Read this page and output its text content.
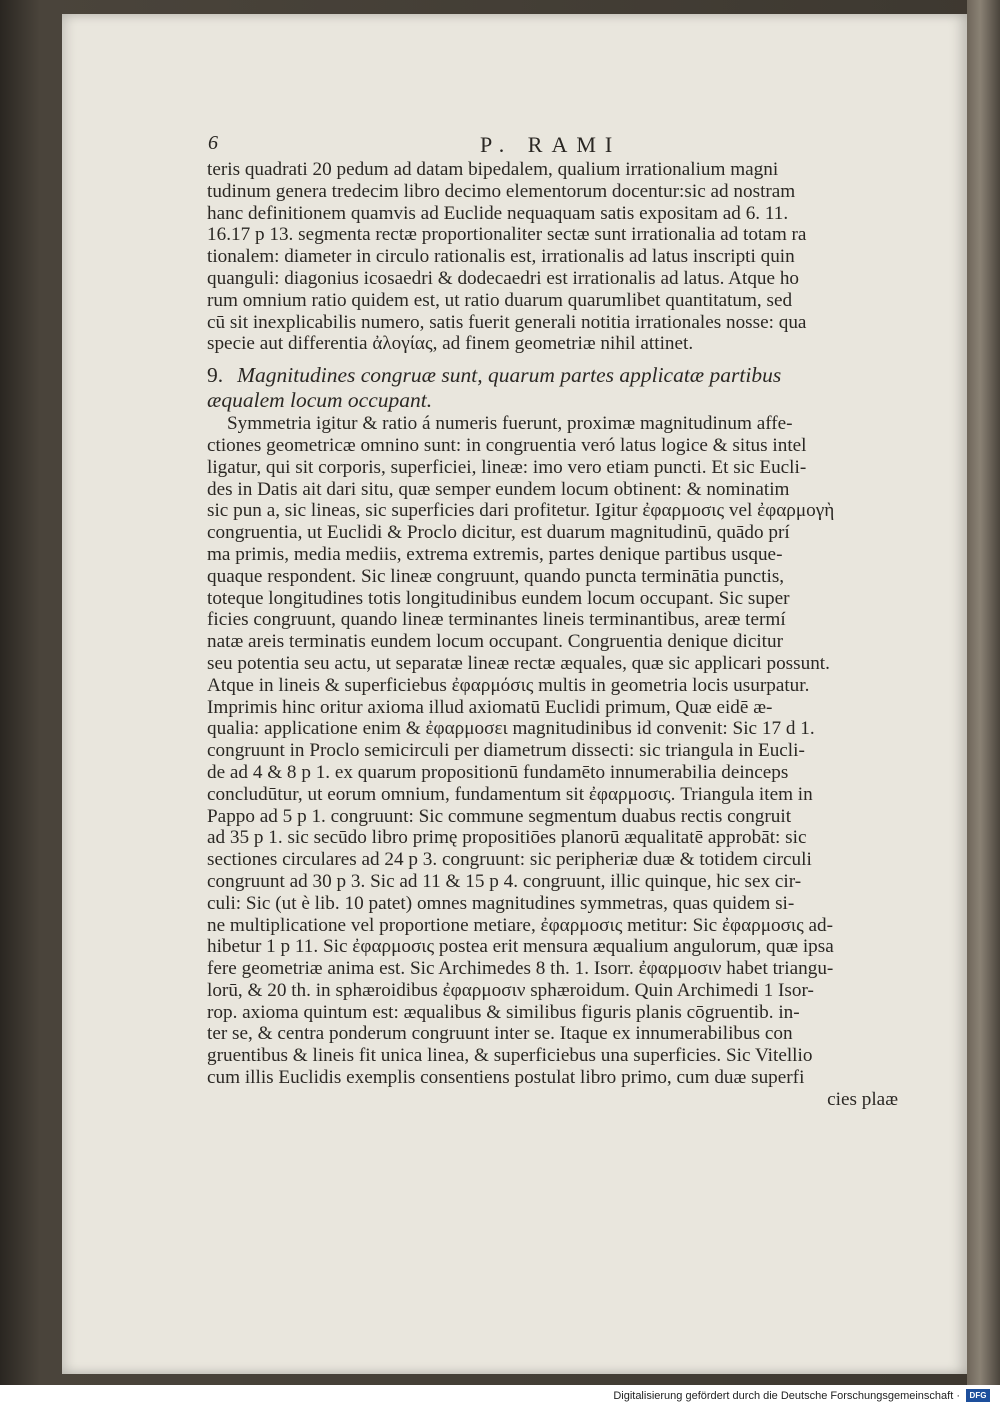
6	P. RAMI
teris quadrati 20 pedum ad datam bipedalem, qualium irrationalium magni
tudinum genera tredecim libro decimo elementorum docentur:sic ad nostram
hanc definitionem quamvis ad Euclide nequaquam satis expositam ad 6. 11.
16.17 p 13. segmenta rectæ proportionaliter sectæ sunt irrationalia ad totam ra
tionalem: diameter in circulo rationalis est, irrationalis ad latus inscripti quin
quanguli: diagonius icosaedri & dodecaedri est irrationalis ad latus. Atque ho
rum omnium ratio quidem est, ut ratio duarum quarumlibet quantitatum, sed
cū sit inexplicabilis numero, satis fuerit generali notitia irrationales nosse: qua
specie aut differentia ἀλογίας, ad finem geometriæ nihil attinet.
9. Magnitudines congruæ sunt, quarum partes applicatæ partibus
æqualem locum occupant.
Symmetria igitur & ratio á numeris fuerunt, proximæ magnitudinum affe-
ctiones geometricæ omnino sunt: in congruentia veró latus logice & situs intel
ligatur, qui sit corporis, superficiei, lineæ: imo vero etiam puncti. Et sic Eucli-
des in Datis ait dari situ, quæ semper eundem locum obtinent: & nominatim
sic pun a, sic lineas, sic superficies dari profitetur. Igitur ἐφαρμοσις vel ἐφαρμογὴ
congruentia, ut Euclidi & Proclo dicitur, est duarum magnitudinū, quādo prí
ma primis, media mediis, extrema extremis, partes denique partibus usque-
quaque respondent. Sic lineæ congruunt, quando puncta terminātia punctis,
toteque longitudines totis longitudinibus eundem locum occupant. Sic super
ficies congruunt, quando lineæ terminantes lineis terminantibus, areæ termí
natæ areis terminatis eundem locum occupant. Congruentia denique dicitur
seu potentia seu actu, ut separatæ lineæ rectæ æquales, quæ sic applicari possunt.
Atque in lineis & superficiebus ἐφαρμόσις multis in geometria locis usurpatur.
Imprimis hinc oritur axioma illud axiomatū Euclidi primum, Quæ eidē æ-
qualia: applicatione enim & ἐφαρμοσει magnitudinibus id convenit: Sic 17 d 1.
congruunt in Proclo semicirculi per diametrum dissecti: sic triangula in Eucli-
de ad 4 & 8 p 1. ex quarum propositionū fundamēto innumerabilia deinceps
concludūtur, ut eorum omnium, fundamentum sit ἐφαρμοσις. Triangula item in
Pappo ad 5 p 1. congruunt: Sic commune segmentum duabus rectis congruit
ad 35 p 1. sic secūdo libro primę propositiōes planorū æqualitatē approbāt: sic
sectiones circulares ad 24 p 3. congruunt: sic peripheriæ duæ & totidem circuli
congruunt ad 30 p 3. Sic ad 11 & 15 p 4. congruunt, illic quinque, hic sex cir-
culi: Sic (ut è lib. 10 patet) omnes magnitudines symmetras, quas quidem si-
ne multiplicatione vel proportione metiare, ἐφαρμοσις metitur: Sic ἐφαρμοσις ad-
hibetur 1 p 11. Sic ἐφαρμοσις postea erit mensura æqualium angulorum, quæ ipsa
fere geometriæ anima est. Sic Archimedes 8 th. 1. Isorr. ἐφαρμοσιν habet triangu-
lorū, & 20 th. in sphæroidibus ἐφαρμοσιν sphæroidum. Quin Archimedi 1 Isor-
rop. axioma quintum est: æqualibus & similibus figuris planis cōgruentib. in-
ter se, & centra ponderum congruunt inter se. Itaque ex innumerabilibus con
gruentibus & lineis fit unica linea, & superficiebus una superficies. Sic Vitellio
cum illis Euclidis exemplis consentiens postulat libro primo, cum duæ superfi
cies plaæ
Digitalisierung gefördert durch die Deutsche Forschungsgemeinschaft ·	DFG
